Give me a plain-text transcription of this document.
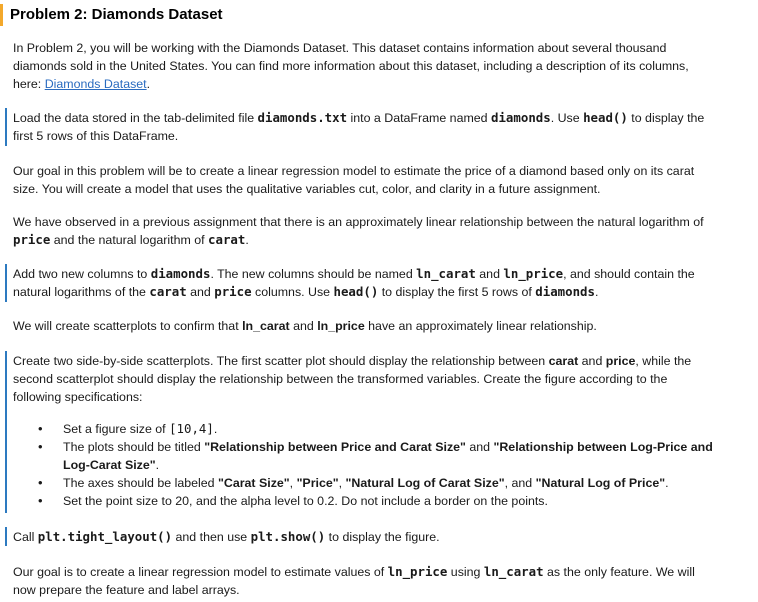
Problem 2: Diamonds Dataset

In Problem 2, you will be working with the Diamonds Dataset. This dataset contains information about several thousand diamonds sold in the United States. You can find more information about this dataset, including a description of its columns, here: Diamonds Dataset.

Load the data stored in the tab-delimited file diamonds.txt into a DataFrame named diamonds. Use head() to display the first 5 rows of this DataFrame.

Our goal in this problem will be to create a linear regression model to estimate the price of a diamond based only on its carat size. You will create a model that uses the qualitative variables cut, color, and clarity in a future assignment.

We have observed in a previous assignment that there is an approximately linear relationship between the natural logarithm of price and the natural logarithm of carat.

Add two new columns to diamonds. The new columns should be named ln_carat and ln_price, and should contain the natural logarithms of the carat and price columns. Use head() to display the first 5 rows of diamonds.

We will create scatterplots to confirm that ln_carat and ln_price have an approximately linear relationship.

Create two side-by-side scatterplots. The first scatter plot should display the relationship between carat and price, while the second scatterplot should display the relationship between the transformed variables. Create the figure according to the following specifications:

• Set a figure size of [10,4].
• The plots should be titled "Relationship between Price and Carat Size" and "Relationship between Log-Price and Log-Carat Size".
• The axes should be labeled "Carat Size", "Price", "Natural Log of Carat Size", and "Natural Log of Price".
• Set the point size to 20, and the alpha level to 0.2. Do not include a border on the points.

Call plt.tight_layout() and then use plt.show() to display the figure.

Our goal is to create a linear regression model to estimate values of ln_price using ln_carat as the only feature. We will now prepare the feature and label arrays.
